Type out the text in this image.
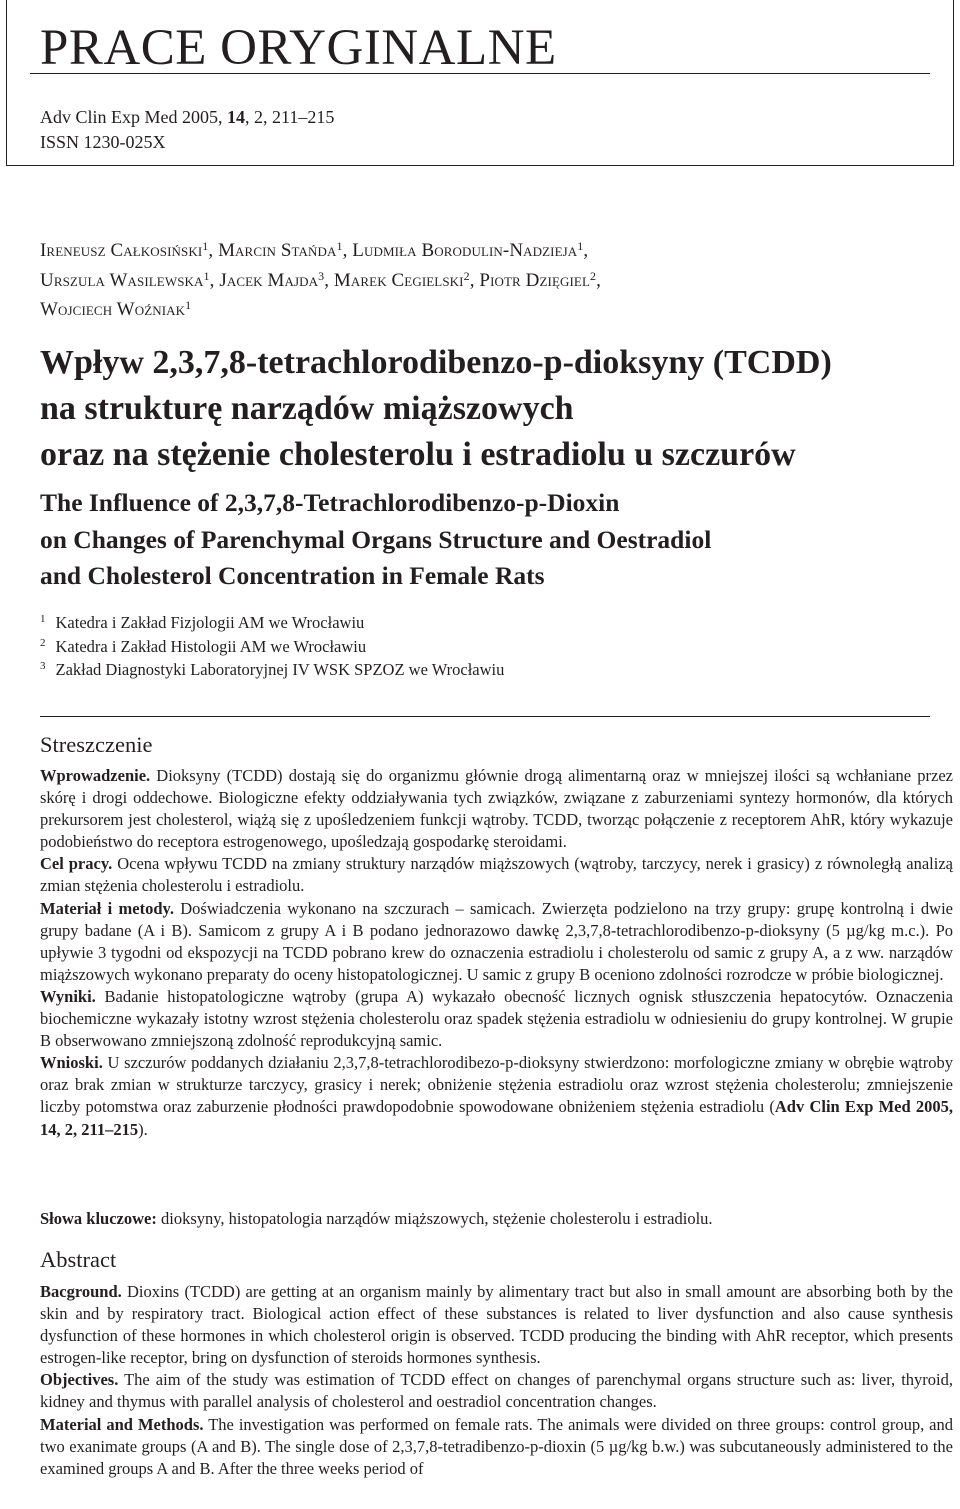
PRACE ORYGINALNE
Adv Clin Exp Med 2005, 14, 2, 211–215
ISSN 1230-025X

Ireneusz Całkosiński$^1$, Marcin Stańda$^1$, Ludmiła Borodulin-Nadzieja$^1$,

Urszula Wasilewska$^1$, Jacek Majda$^3$, Marek Cegielski$^2$, Piotr Dzięgiel$^2$,

Wojciech Woźniak$^1$

Wpływ 2,3,7,8-tetrachlorodibenzo-p-dioksyny (TCDD)
na strukturę narządów miąższowych
oraz na stężenie cholesterolu i estradiolu u szczurów
The Influence of 2,3,7,8-Tetrachlorodibenzo-p-Dioxin
on Changes of Parenchymal Organs Structure and Oestradiol
and Cholesterol Concentration in Female Rats

$^1$ Katedra i Zakład Fizjologii AM we Wrocławiu

$^2$ Katedra i Zakład Histologii AM we Wrocławiu

$^3$ Zakład Diagnostyki Laboratoryjnej IV WSK SPZOZ we Wrocławiu

Streszczenie

Wprowadzenie. Dioksyny (TCDD) dostają się do organizmu głównie drogą alimentarną oraz w mniejszej ilości są wchłaniane przez skórę i drogi oddechowe. Biologiczne efekty oddziaływania tych związków, związane z zaburzeniami syntezy hormonów, dla których prekursorem jest cholesterol, wiążą się z upośledzeniem funkcji wątroby. TCDD, tworząc połączenie z receptorem AhR, który wykazuje podobieństwo do receptora estrogenowego, upośledzają gospodarkę steroidami.

Cel pracy. Ocena wpływu TCDD na zmiany struktury narządów miąższowych (wątroby, tarczycy, nerek i grasicy) z równoległą analizą zmian stężenia cholesterolu i estradiolu.

Materiał i metody. Doświadczenia wykonano na szczurach – samicach. Zwierzęta podzielono na trzy grupy: grupę kontrolną i dwie grupy badane (A i B). Samicom z grupy A i B podano jednorazowo dawkę 2,3,7,8-tetrachlorodibenzo-p-dioksyny (5 µg/kg m.c.). Po upływie 3 tygodni od ekspozycji na TCDD pobrano krew do oznaczenia estradiolu i cholesterolu od samic z grupy A, a z ww. narządów miąższowych wykonano preparaty do oceny histopatologicznej. U samic z grupy B oceniono zdolności rozrodcze w próbie biologicznej.

Wyniki. Badanie histopatologiczne wątroby (grupa A) wykazało obecność licznych ognisk stłuszczenia hepatocytów. Oznaczenia biochemiczne wykazały istotny wzrost stężenia cholesterolu oraz spadek stężenia estradiolu w odniesieniu do grupy kontrolnej. W grupie B obserwowano zmniejszoną zdolność reprodukcyjną samic.

Wnioski. U szczurów poddanych działaniu 2,3,7,8-tetrachlorodibezo-p-dioksyny stwierdzono: morfologiczne zmiany w obrębie wątroby oraz brak zmian w strukturze tarczycy, grasicy i nerek; obniżenie stężenia estradiolu oraz wzrost stężenia cholesterolu; zmniejszenie liczby potomstwa oraz zaburzenie płodności prawdopodobnie spowodowane obniżeniem stężenia estradiolu (Adv Clin Exp Med 2005, 14, 2, 211–215).

Słowa kluczowe: dioksyny, histopatologia narządów miąższowych, stężenie cholesterolu i estradiolu.

Abstract

Bacground. Dioxins (TCDD) are getting at an organism mainly by alimentary tract but also in small amount are absorbing both by the skin and by respiratory tract. Biological action effect of these substances is related to liver dysfunction and also cause synthesis dysfunction of these hormones in which cholesterol origin is observed. TCDD producing the binding with AhR receptor, which presents estrogen-like receptor, bring on dysfunction of steroids hormones synthesis.

Objectives. The aim of the study was estimation of TCDD effect on changes of parenchymal organs structure such as: liver, thyroid, kidney and thymus with parallel analysis of cholesterol and oestradiol concentration changes.

Material and Methods. The investigation was performed on female rats. The animals were divided on three groups: control group, and two exanimate groups (A and B). The single dose of 2,3,7,8-tetradibenzo-p-dioxin (5 µg/kg b.w.) was subcutaneously administered to the examined groups A and B. After the three weeks period of
